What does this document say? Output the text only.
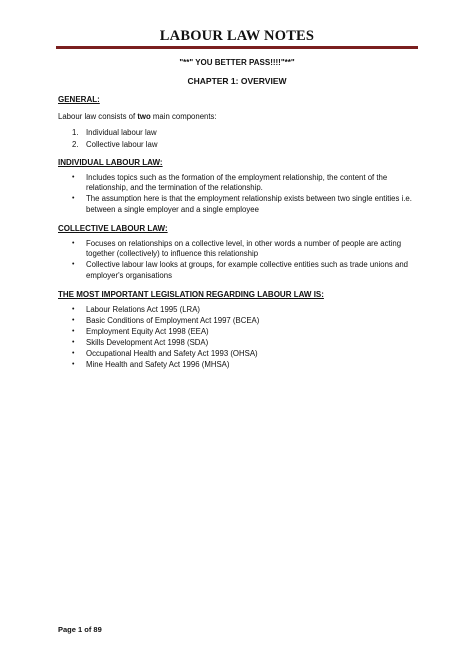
LABOUR LAW NOTES
"**" YOU BETTER PASS!!!!"**"
CHAPTER 1: OVERVIEW
GENERAL:
Labour law consists of two main components:
1. Individual labour law
2. Collective labour law
INDIVIDUAL LABOUR LAW:
•	Includes topics such as the formation of the employment relationship, the content of the relationship, and the termination of the relationship.
•	The assumption here is that the employment relationship exists between two single entities i.e. between a single employer and a single employee
COLLECTIVE LABOUR LAW:
•	Focuses on relationships on a collective level, in other words a number of people are acting together (collectively) to influence this relationship
•	Collective labour law looks at groups, for example collective entities such as trade unions and employer's organisations
THE MOST IMPORTANT LEGISLATION REGARDING LABOUR LAW IS:
•	Labour Relations Act 1995 (LRA)
•	Basic Conditions of Employment Act 1997 (BCEA)
•	Employment Equity Act 1998 (EEA)
•	Skills Development Act 1998 (SDA)
•	Occupational Health and Safety Act 1993 (OHSA)
•	Mine Health and Safety Act 1996 (MHSA)
Page 1 of 89
